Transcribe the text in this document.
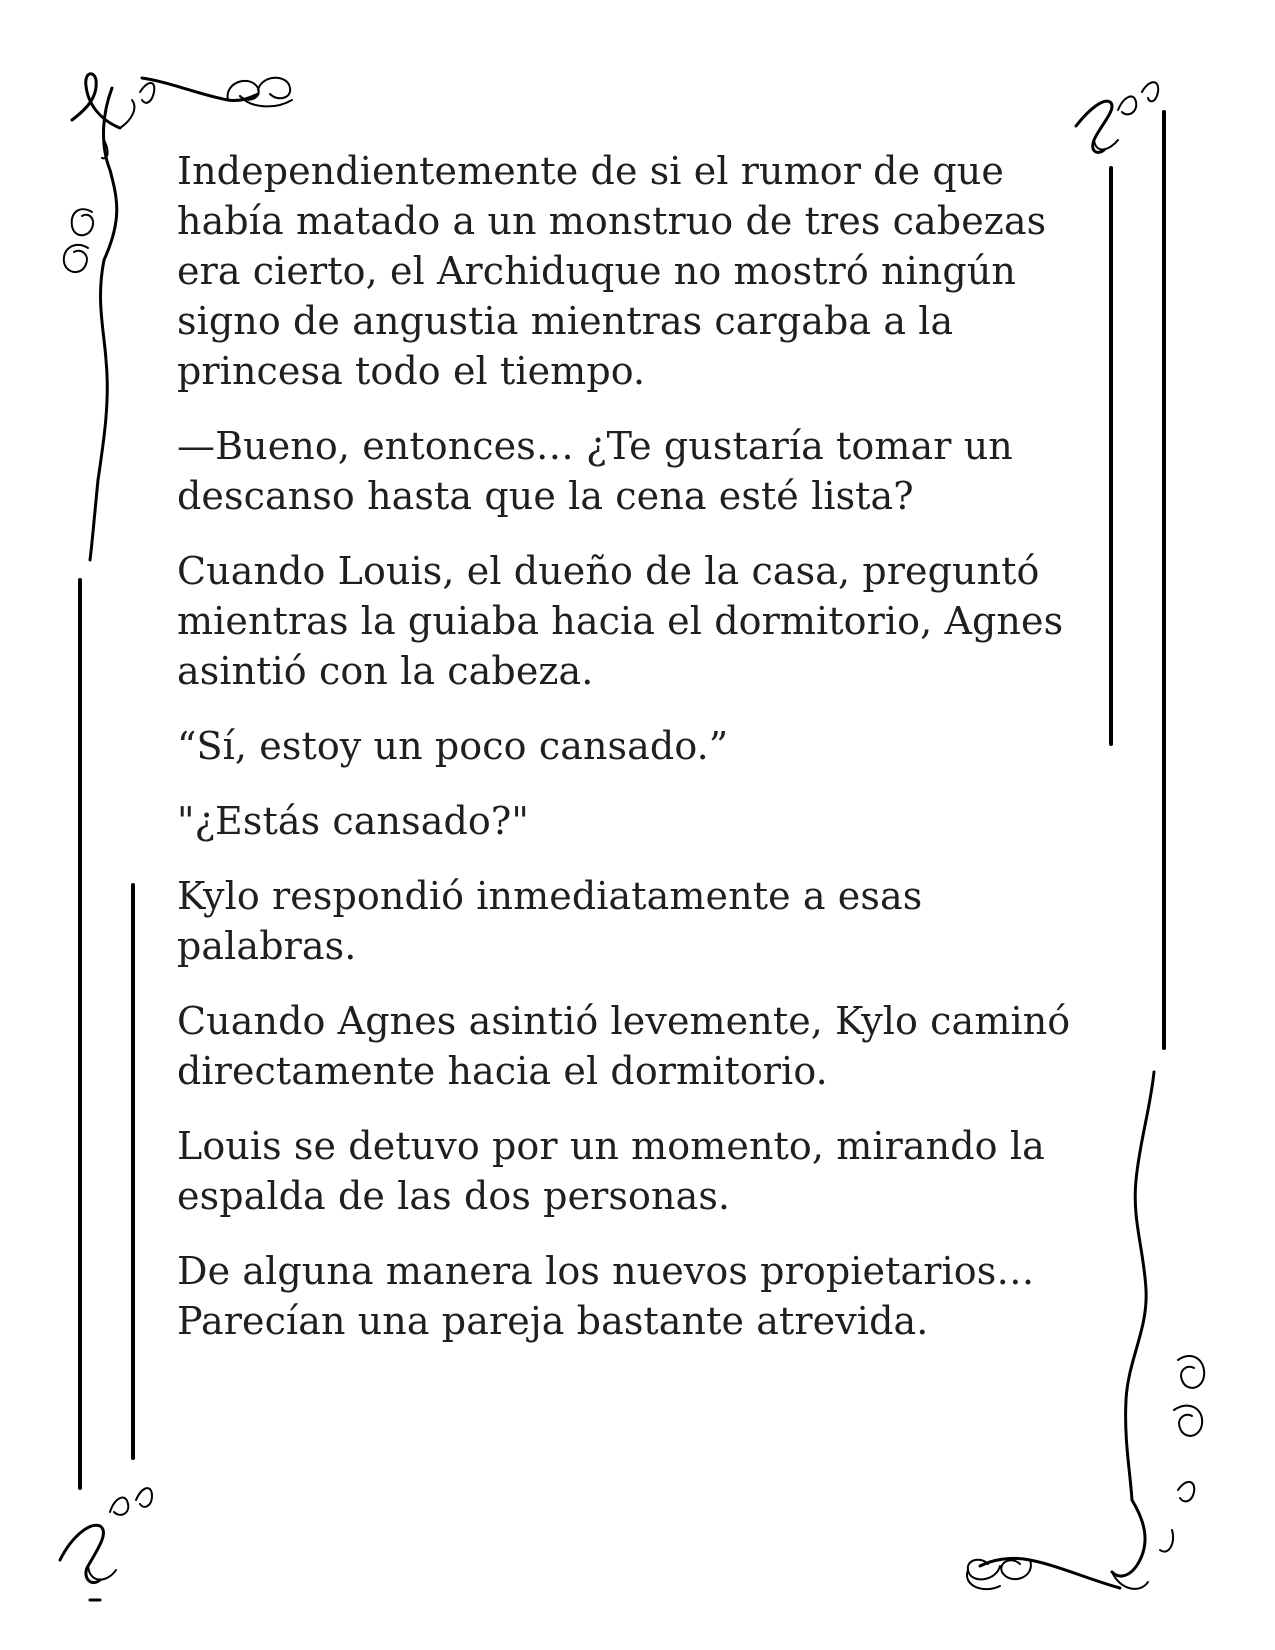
Independientemente de si el rumor de que
había matado a un monstruo de tres cabezas
era cierto, el Archiduque no mostró ningún
signo de angustia mientras cargaba a la
princesa todo el tiempo.

—Bueno, entonces… ¿Te gustaría tomar un
descanso hasta que la cena esté lista?

Cuando Louis, el dueño de la casa, preguntó
mientras la guiaba hacia el dormitorio, Agnes
asintió con la cabeza.

“Sí, estoy un poco cansado.”

"¿Estás cansado?"

Kylo respondió inmediatamente a esas
palabras.

Cuando Agnes asintió levemente, Kylo caminó
directamente hacia el dormitorio.

Louis se detuvo por un momento, mirando la
espalda de las dos personas.

De alguna manera los nuevos propietarios…
Parecían una pareja bastante atrevida.
